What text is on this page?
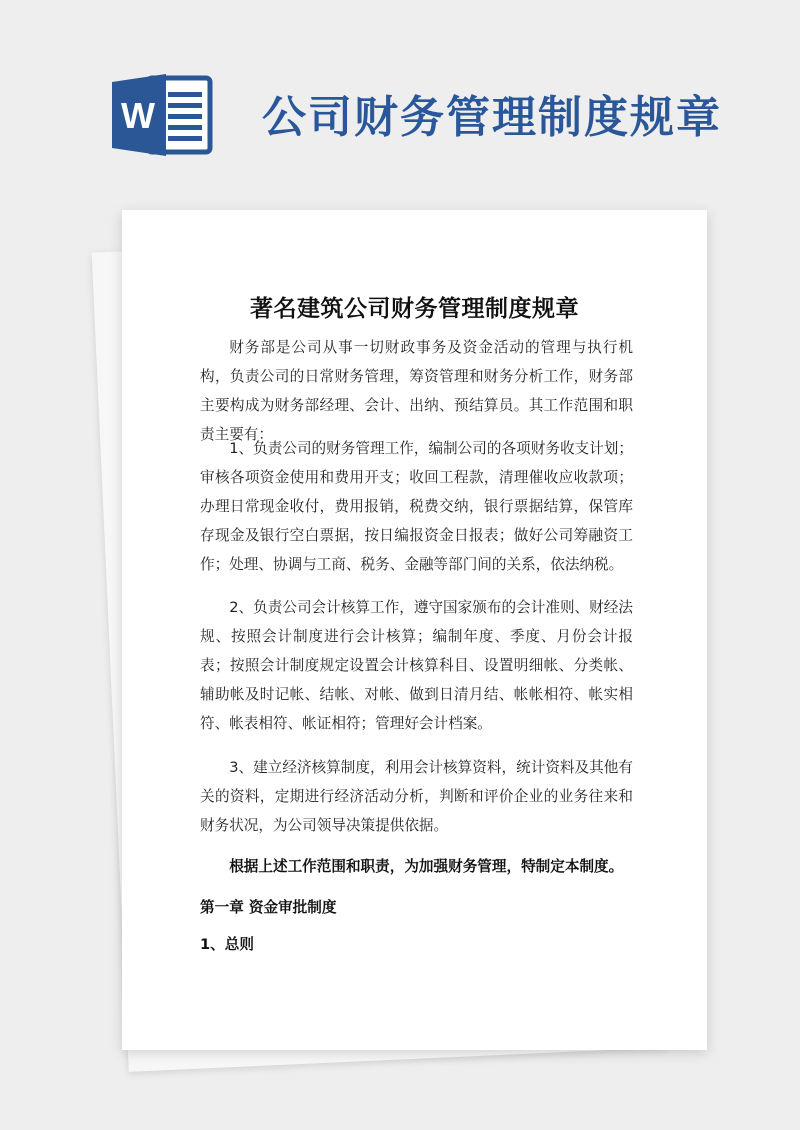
W 公司财务管理制度规章
著名建筑公司财务管理制度规章

财务部是公司从事一切财政事务及资金活动的管理与执行机构，负责公司的日常财务管理，筹资管理和财务分析工作，财务部主要构成为财务部经理、会计、出纳、预结算员。其工作范围和职责主要有：

1、负责公司的财务管理工作，编制公司的各项财务收支计划；审核各项资金使用和费用开支；收回工程款，清理催收应收款项；办理日常现金收付，费用报销，税费交纳，银行票据结算，保管库存现金及银行空白票据，按日编报资金日报表；做好公司筹融资工作；处理、协调与工商、税务、金融等部门间的关系，依法纳税。

2、负责公司会计核算工作，遵守国家颁布的会计准则、财经法规、按照会计制度进行会计核算；编制年度、季度、月份会计报表；按照会计制度规定设置会计核算科目、设置明细帐、分类帐、辅助帐及时记帐、结帐、对帐、做到日清月结、帐帐相符、帐实相符、帐表相符、帐证相符；管理好会计档案。

3、建立经济核算制度，利用会计核算资料，统计资料及其他有关的资料，定期进行经济活动分析，判断和评价企业的业务往来和财务状况，为公司领导决策提供依据。

根据上述工作范围和职责，为加强财务管理，特制定本制度。

第一章 资金审批制度

1、总则
